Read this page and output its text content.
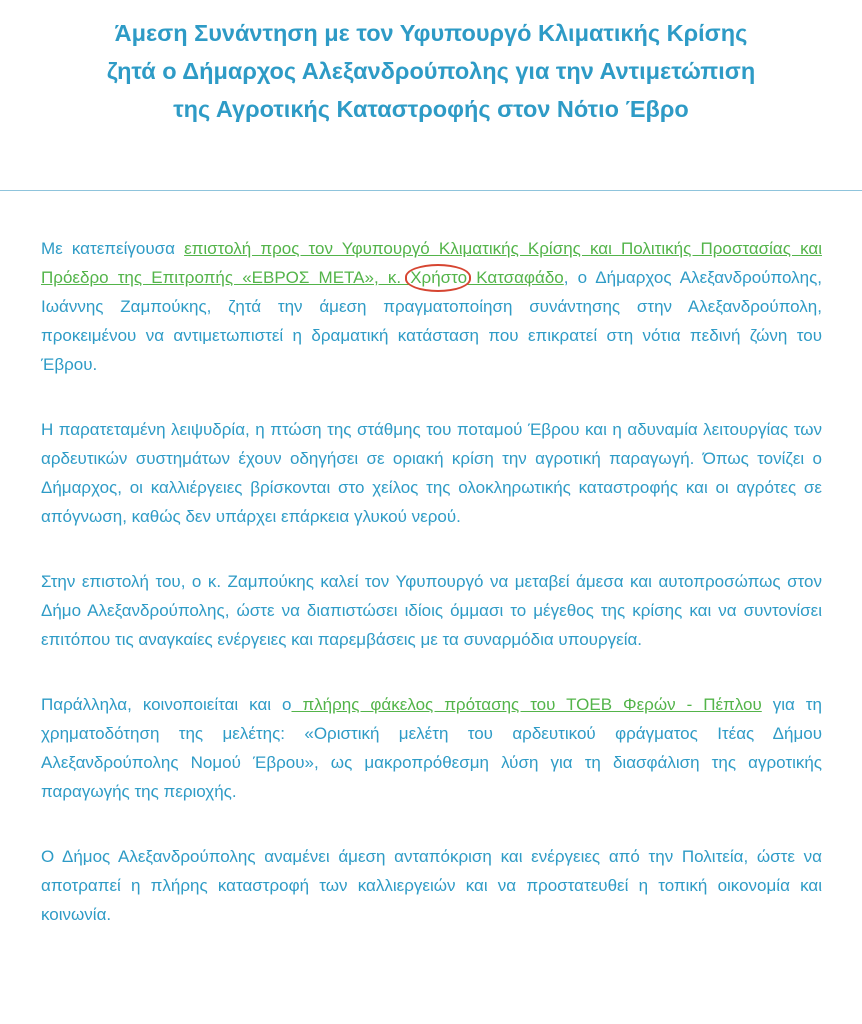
Άμεση Συνάντηση με τον Υφυπουργό Κλιματικής Κρίσης
ζητά ο Δήμαρχος Αλεξανδρούπολης για την Αντιμετώπιση
της Αγροτικής Καταστροφής στον Νότιο Έβρο

Με κατεπείγουσα επιστολή προς τον Υφυπουργό Κλιματικής Κρίσης και Πολιτικής Προστασίας και Πρόεδρο της Επιτροπής «ΕΒΡΟΣ ΜΕΤΑ», κ. Χρήστο Κατσαφάδο, ο Δήμαρχος Αλεξανδρούπολης, Ιωάννης Ζαμπούκης, ζητά την άμεση πραγματοποίηση συνάντησης στην Αλεξανδρούπολη, προκειμένου να αντιμετωπιστεί η δραματική κατάσταση που επικρατεί στη νότια πεδινή ζώνη του Έβρου.

Η παρατεταμένη λειψυδρία, η πτώση της στάθμης του ποταμού Έβρου και η αδυναμία λειτουργίας των αρδευτικών συστημάτων έχουν οδηγήσει σε οριακή κρίση την αγροτική παραγωγή. Όπως τονίζει ο Δήμαρχος, οι καλλιέργειες βρίσκονται στο χείλος της ολοκληρωτικής καταστροφής και οι αγρότες σε απόγνωση, καθώς δεν υπάρχει επάρκεια γλυκού νερού.

Στην επιστολή του, ο κ. Ζαμπούκης καλεί τον Υφυπουργό να μεταβεί άμεσα και αυτοπροσώπως στον Δήμο Αλεξανδρούπολης, ώστε να διαπιστώσει ιδίοις όμμασι το μέγεθος της κρίσης και να συντονίσει επιτόπου τις αναγκαίες ενέργειες και παρεμβάσεις με τα συναρμόδια υπουργεία.

Παράλληλα, κοινοποιείται και ο πλήρης φάκελος πρότασης του ΤΟΕΒ Φερών - Πέπλου για τη χρηματοδότηση της μελέτης: «Οριστική μελέτη του αρδευτικού φράγματος Ιτέας Δήμου Αλεξανδρούπολης Νομού Έβρου», ως μακροπρόθεσμη λύση για τη διασφάλιση της αγροτικής παραγωγής της περιοχής.

Ο Δήμος Αλεξανδρούπολης αναμένει άμεση ανταπόκριση και ενέργειες από την Πολιτεία, ώστε να αποτραπεί η πλήρης καταστροφή των καλλιεργειών και να προστατευθεί η τοπική οικονομία και κοινωνία.
